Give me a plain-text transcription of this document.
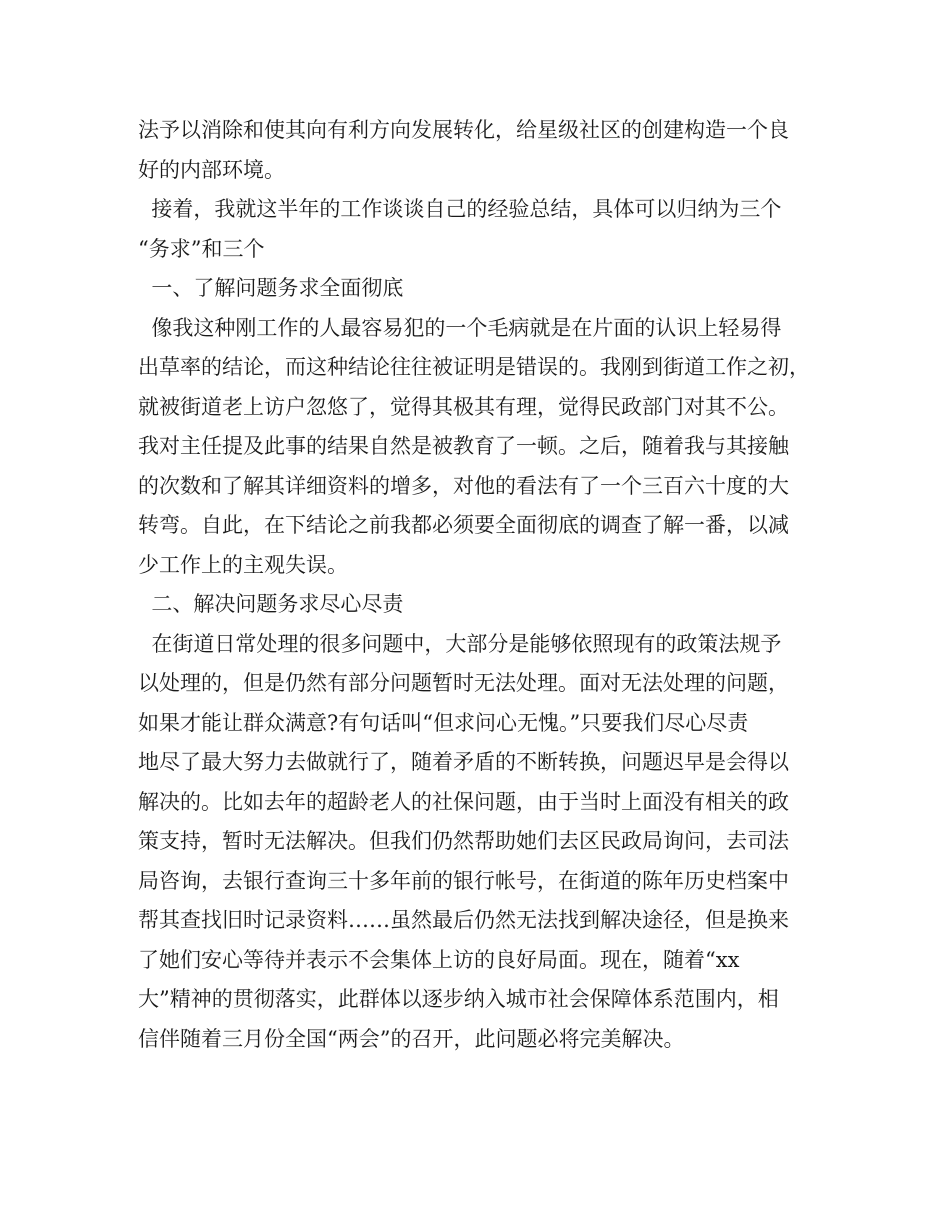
法予以消除和使其向有利方向发展转化，给星级社区的创建构造一个良
好的内部环境。
接着，我就这半年的工作谈谈自己的经验总结，具体可以归纳为三个
“务求”和三个
一、了解问题务求全面彻底
像我这种刚工作的人最容易犯的一个毛病就是在片面的认识上轻易得
出草率的结论，而这种结论往往被证明是错误的。我刚到街道工作之初，
就被街道老上访户忽悠了，觉得其极其有理，觉得民政部门对其不公。
我对主任提及此事的结果自然是被教育了一顿。之后，随着我与其接触
的次数和了解其详细资料的增多，对他的看法有了一个三百六十度的大
转弯。自此，在下结论之前我都必须要全面彻底的调查了解一番，以减
少工作上的主观失误。
二、解决问题务求尽心尽责
在街道日常处理的很多问题中，大部分是能够依照现有的政策法规予
以处理的，但是仍然有部分问题暂时无法处理。面对无法处理的问题，
如果才能让群众满意?有句话叫“但求问心无愧。”只要我们尽心尽责
地尽了最大努力去做就行了，随着矛盾的不断转换，问题迟早是会得以
解决的。比如去年的超龄老人的社保问题，由于当时上面没有相关的政
策支持，暂时无法解决。但我们仍然帮助她们去区民政局询问，去司法
局咨询，去银行查询三十多年前的银行帐号，在街道的陈年历史档案中
帮其查找旧时记录资料……虽然最后仍然无法找到解决途径，但是换来
了她们安心等待并表示不会集体上访的良好局面。现在，随着“xx
大”精神的贯彻落实，此群体以逐步纳入城市社会保障体系范围内，相
信伴随着三月份全国“两会”的召开，此问题必将完美解决。
